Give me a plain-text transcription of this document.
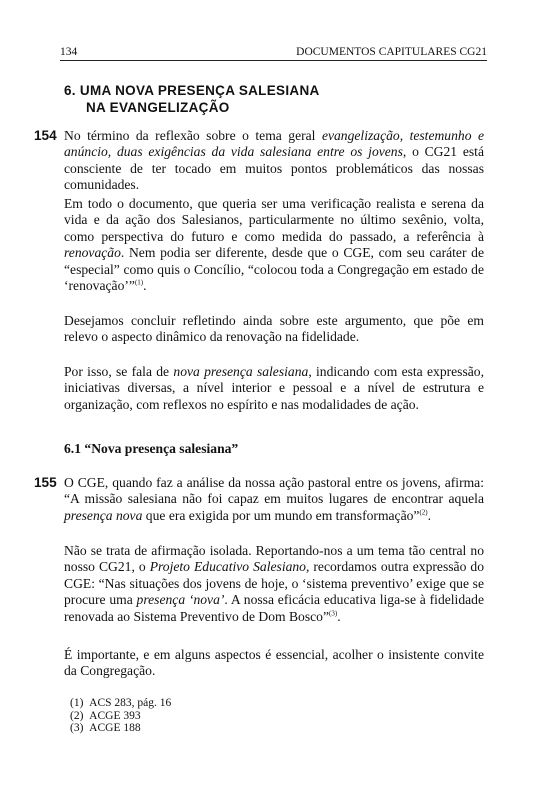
134	DOCUMENTOS CAPITULARES CG21
6. UMA NOVA PRESENÇA SALESIANA
NA EVANGELIZAÇÃO
154 No término da reflexão sobre o tema geral evangelização, testemunho e anúncio, duas exigências da vida salesiana entre os jovens, o CG21 está consciente de ter tocado em muitos pontos problemáticos das nossas comunidades.

Em todo o documento, que queria ser uma verificação realista e serena da vida e da ação dos Salesianos, particularmente no último sexênio, volta, como perspectiva do futuro e como medida do passado, a referência à renovação. Nem podia ser diferente, desde que o CGE, com seu caráter de “especial” como quis o Concílio, “colocou toda a Congregação em estado de ‘renovação’”$^{(1)}$.

Desejamos concluir refletindo ainda sobre este argumento, que põe em relevo o aspecto dinâmico da renovação na fidelidade.

Por isso, se fala de nova presença salesiana, indicando com esta expressão, iniciativas diversas, a nível interior e pessoal e a nível de estrutura e organização, com reflexos no espírito e nas modalidades de ação.

6.1 “Nova presença salesiana”
155 O CGE, quando faz a análise da nossa ação pastoral entre os jovens, afirma: “A missão salesiana não foi capaz em muitos lugares de encontrar aquela presença nova que era exigida por um mundo em transformação”$^{(2)}$.

Não se trata de afirmação isolada. Reportando-nos a um tema tão central no nosso CG21, o Projeto Educativo Salesiano, recordamos outra expressão do CGE: “Nas situações dos jovens de hoje, o ‘sistema preventivo’ exige que se procure uma presença ‘nova’. A nossa eficácia educativa liga-se à fidelidade renovada ao Sistema Preventivo de Dom Bosco”$^{(3)}$.

É importante, e em alguns aspectos é essencial, acolher o insistente convite da Congregação.

(1) ACS 283, pág. 16
(2) ACGE 393
(3) ACGE 188
